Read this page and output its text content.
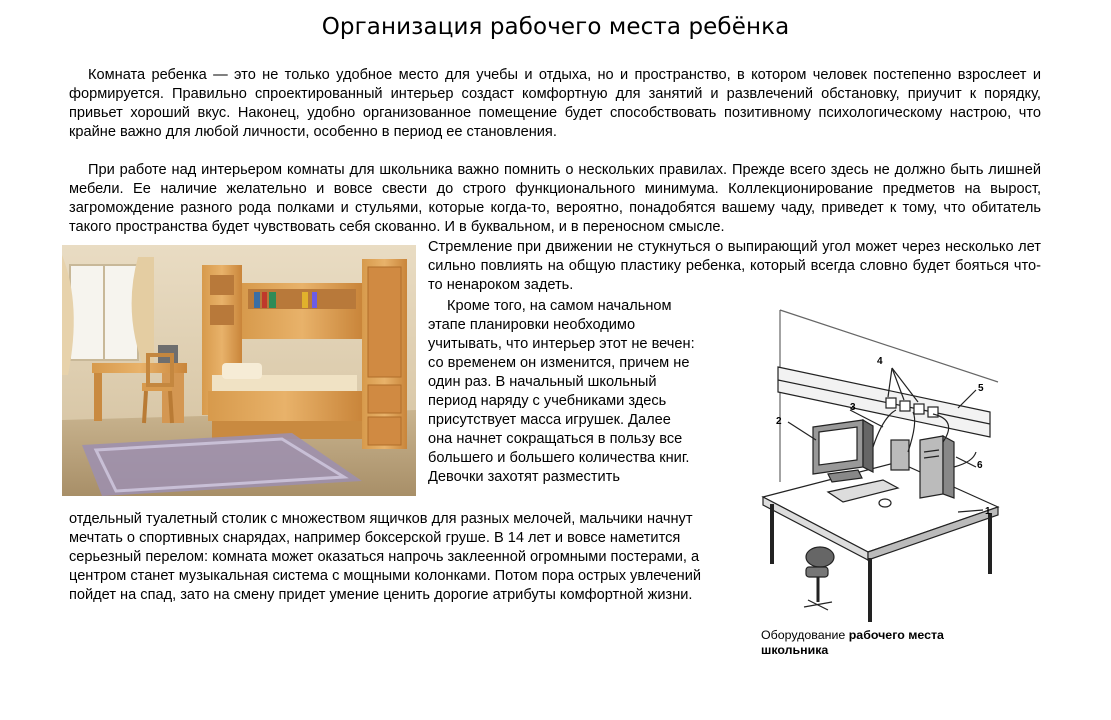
Организация рабочего места ребёнка

Комната ребенка — это не только удобное место для учебы и отдыха, но и пространство, в котором человек постепенно взрослеет и формируется. Правильно спроектированный интерьер создаст комфортную для занятий и развлечений обстановку, приучит к порядку, привьет хороший вкус. Наконец, удобно организованное помещение будет способствовать позитивному психологическому настрою, что крайне важно для любой личности, особенно в период ее становления.

При работе над интерьером комнаты для школьника важно помнить о нескольких правилах. Прежде всего здесь не должно быть лишней мебели. Ее наличие желательно и вовсе свести до строго функционального минимума. Коллекционирование предметов на вырост, загромождение разного рода полками и стульями, которые когда-то, вероятно, понадобятся вашему чаду, приведет к тому, что обитатель такого пространства будет чувствовать себя скованно. И в буквальном, и в переносном смысле.

Стремление при движении не стукнуться о выпирающий угол может через несколько лет сильно повлиять на общую пластику ребенка, который всегда словно будет бояться что-то ненароком задеть.

Кроме того, на самом начальном этапе планировки необходимо учитывать, что интерьер этот не вечен: со временем он изменится, причем не один раз. В начальный школьный период наряду с учебниками здесь присутствует масса игрушек. Далее она начнет сокращаться в пользу все большего и большего количества книг. Девочки захотят разместить

отдельный туалетный столик с множеством ящичков для разных мелочей, мальчики начнут мечтать о спортивных снарядах, например боксерской груше. В 14 лет и вовсе наметится серьезный перелом: комната может оказаться напрочь заклеенной огромными постерами, а центром станет музыкальная система с мощными колонками. Потом пора острых увлечений пойдет на спад, зато на смену придет умение ценить дорогие атрибуты комфортной жизни.

1
2
3
4
5
6

Оборудование рабочего места школьника
